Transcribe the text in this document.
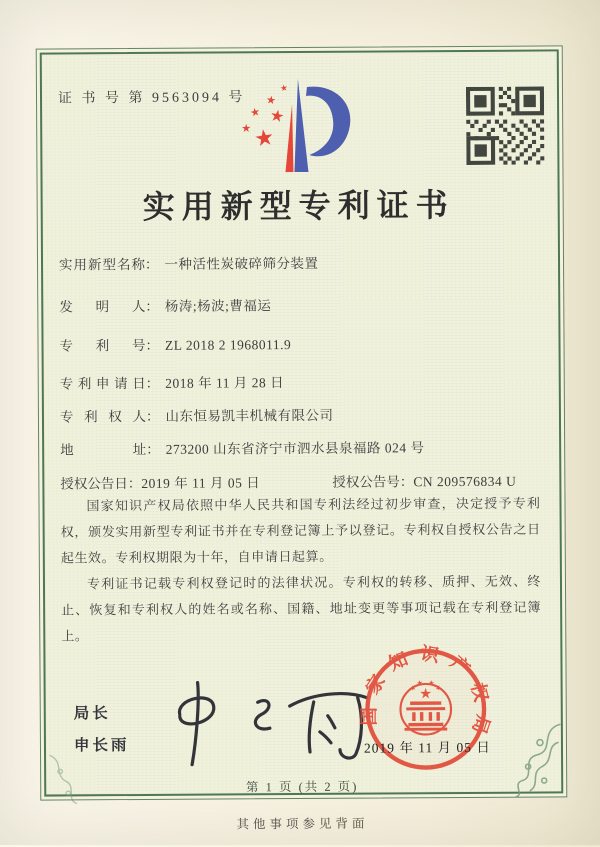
证 书 号 第 9563094 号
实用新型专利证书
实用新型名称： 一种活性炭破碎筛分装置
发明人： 杨涛;杨波;曹福运
专利号： ZL 2018 2 1968011.9
专利申请日： 2018 年 11 月 28 日
专利权人： 山东恒易凯丰机械有限公司
地址： 273200 山东省济宁市泗水县泉福路 024 号
授权公告日：2019 年 11 月 05 日	授权公告号：CN 209576834 U

国家知识产权局依照中华人民共和国专利法经过初步审查，决定授予专利权，颁发实用新型专利证书并在专利登记簿上予以登记。专利权自授权公告之日起生效。专利权期限为十年，自申请日起算。

专利证书记载专利权登记时的法律状况。专利权的转移、质押、无效、终止、恢复和专利权人的姓名或名称、国籍、地址变更等事项记载在专利登记簿上。

局长
申长雨
国家知识产权局
2019 年 11 月 05 日
第 1 页 (共 2 页)
其他事项参见背面
